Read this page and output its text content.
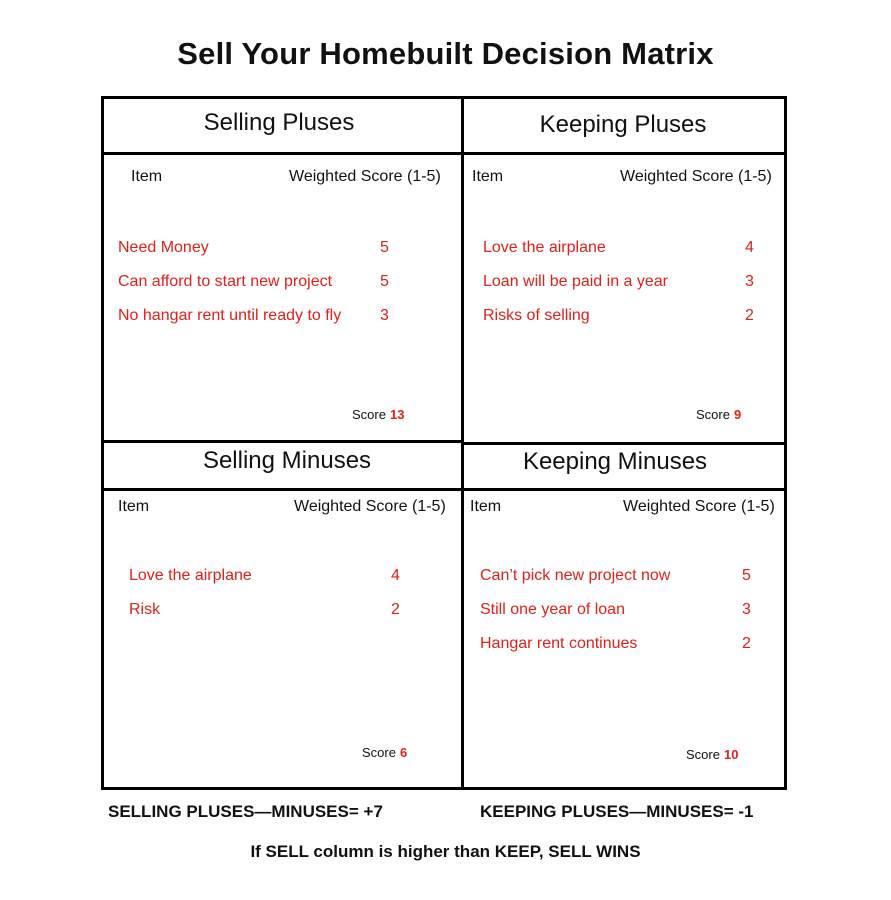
Sell Your Homebuilt Decision Matrix
Selling Pluses
Item	Weighted Score (1-5)
Need Money	5
Can afford to start new project	5
No hangar rent until ready to fly 3
Score 13
Keeping Pluses
Item	Weighted Score (1-5)
Love the airplane	4
Loan will be paid in a year	3
Risks of selling	2
Score 9
Selling Minuses
Item	Weighted Score (1-5)
Love the airplane	4
Risk	2
Score 6
Keeping Minuses
Item	Weighted Score (1-5)
Can’t pick new project now	5
Still one year of loan	3
Hangar rent continues	2
Score 10
SELLING PLUSES—MINUSES= +7	KEEPING PLUSES—MINUSES= -1
If SELL column is higher than KEEP, SELL WINS
